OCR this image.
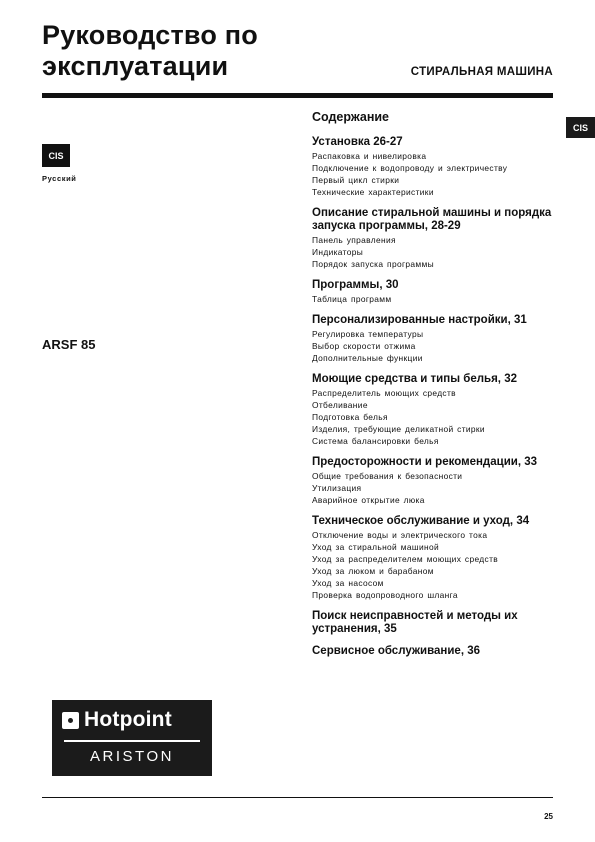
Руководство по
эксплуатации	СТИРАЛЬНАЯ МАШИНА
CIS
CIS
Русский
ARSF 85
Содержание
Установка 26-27
Распаковка и нивелировка
Подключение к водопроводу и электричеству
Первый цикл стирки
Технические характеристики
Описание стиральной машины и порядка запуска программы, 28-29
Панель управления
Индикаторы
Порядок запуска программы
Программы, 30
Таблица программ
Персонализированные настройки, 31
Регулировка температуры
Выбор скорости отжима
Дополнительные функции
Моющие средства и типы белья, 32
Распределитель моющих средств
Отбеливание
Подготовка белья
Изделия, требующие деликатной стирки
Система балансировки белья
Предосторожности и рекомендации, 33
Общие требования к безопасности
Утилизация
Аварийное открытие люка
Техническое обслуживание и уход, 34
Отключение воды и электрического тока
Уход за стиральной машиной
Уход за распределителем моющих средств
Уход за люком и барабаном
Уход за насосом
Проверка водопроводного шланга
Поиск неисправностей и методы их устранения, 35
Сервисное обслуживание, 36
Hotpoint
ARISTON
25
